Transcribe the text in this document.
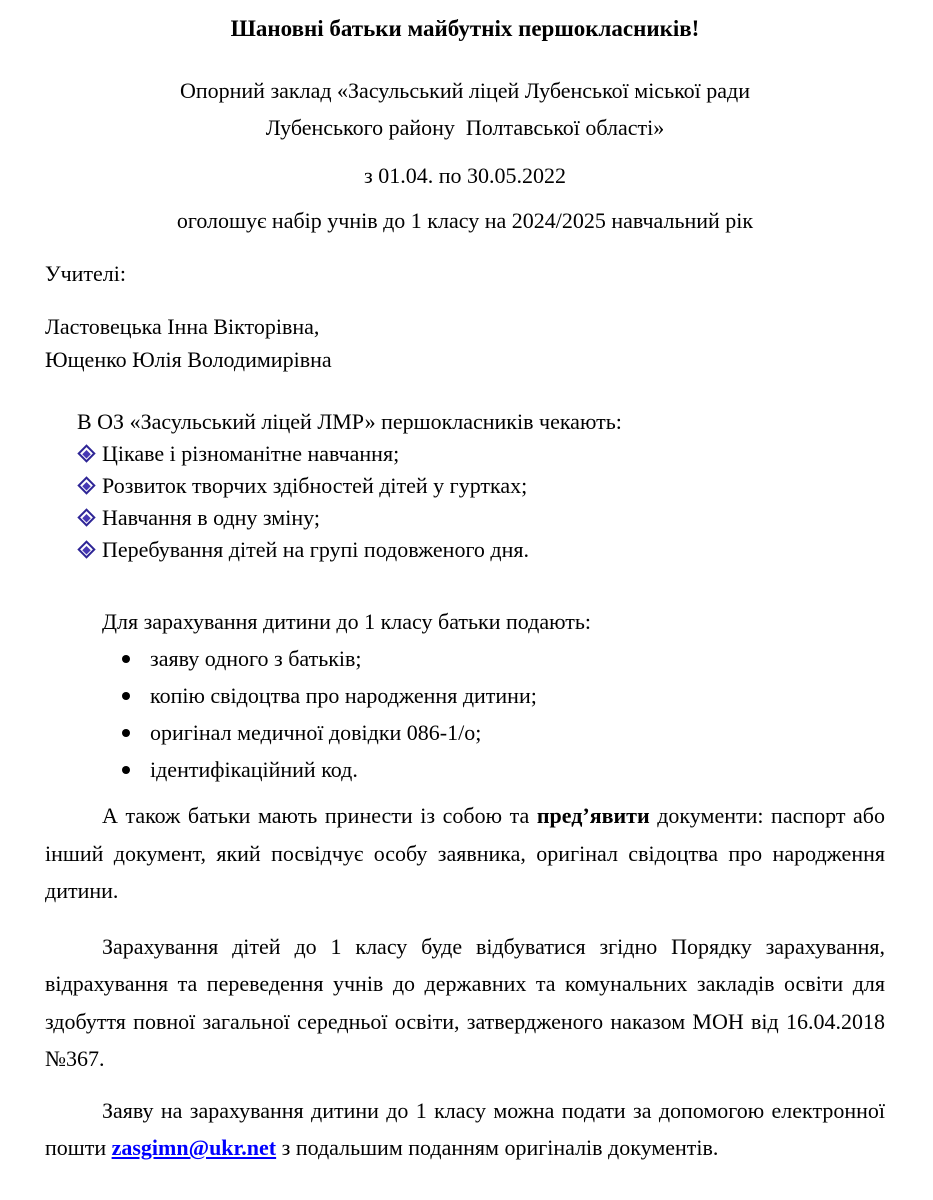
Шановні батьки майбутніх першокласників!
Опорний заклад «Засульський ліцей Лубенської міської ради
Лубенського району  Полтавської області»
з 01.04. по 30.05.2022
оголошує набір учнів до 1 класу на 2024/2025 навчальний рік
Учителі:
Ластовецька Інна Вікторівна,
Ющенко Юлія Володимирівна
В ОЗ «Засульський ліцей ЛМР» першокласників чекають:
Цікаве і різноманітне навчання;
Розвиток творчих здібностей дітей у гуртках;
Навчання в одну зміну;
Перебування дітей на групі подовженого дня.
Для зарахування дитини до 1 класу батьки подають:
заяву одного з батьків;
копію свідоцтва про народження дитини;
оригінал медичної довідки 086-1/о;
ідентифікаційний код.

А також батьки мають принести із собою та пред’явити документи: паспорт або інший документ, який посвідчує особу заявника, оригінал свідоцтва про народження дитини.

Зарахування дітей до 1 класу буде відбуватися згідно Порядку зарахування, відрахування та переведення учнів до державних та комунальних закладів освіти для здобуття повної загальної середньої освіти, затвердженого наказом МОН від 16.04.2018 №367.

Заяву на зарахування дитини до 1 класу можна подати за допомогою електронної пошти zasgimn@ukr.net з подальшим поданням оригіналів документів.
